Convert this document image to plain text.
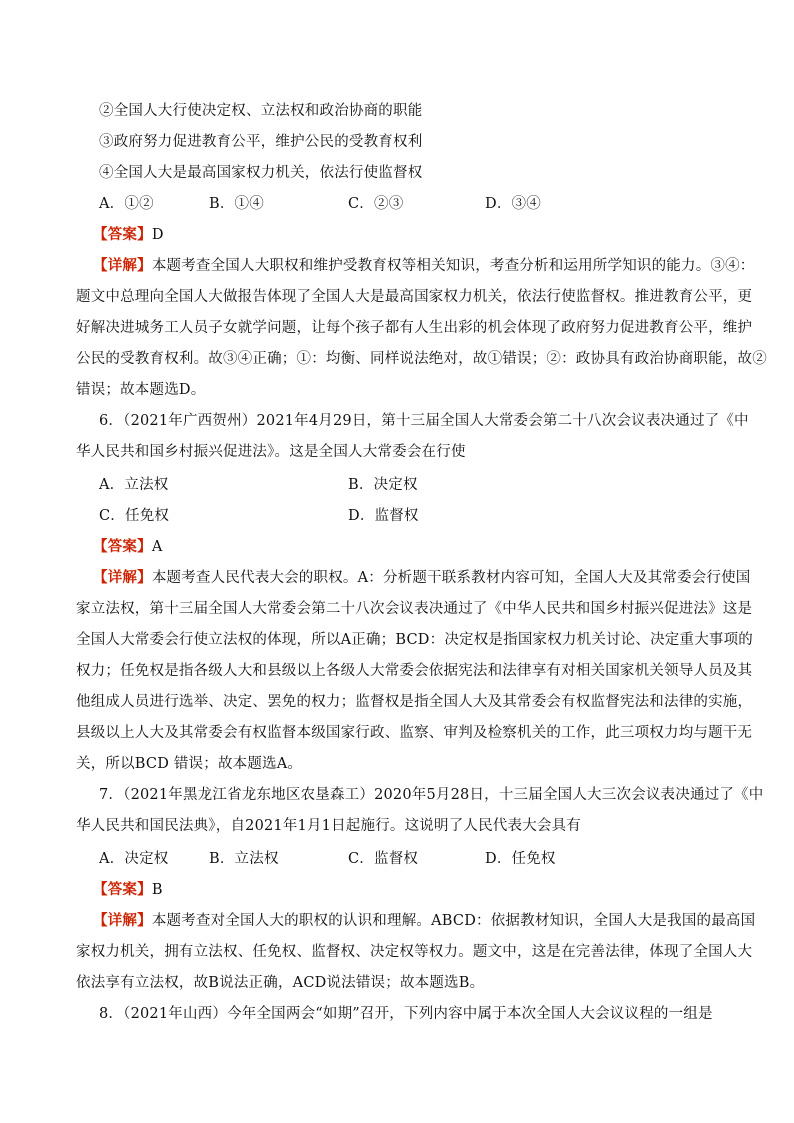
②全国人大行使决定权、立法权和政治协商的职能
③政府努力促进教育公平，维护公民的受教育权利
④全国人大是最高国家权力机关，依法行使监督权
A．①②	B．①④	C．②③	D．③④
【答案】D
【详解】本题考查全国人大职权和维护受教育权等相关知识，考查分析和运用所学知识的能力。③④：
题文中总理向全国人大做报告体现了全国人大是最高国家权力机关，依法行使监督权。推进教育公平，更
好解决进城务工人员子女就学问题，让每个孩子都有人生出彩的机会体现了政府努力促进教育公平，维护
公民的受教育权利。故③④正确；①：均衡、同样说法绝对，故①错误；②：政协具有政治协商职能，故②
错误；故本题选D。
6．（2021年广西贺州）2021年4月29日，第十三届全国人大常委会第二十八次会议表决通过了《中
华人民共和国乡村振兴促进法》。这是全国人大常委会在行使
A．立法权	B．决定权
C．任免权	D．监督权
【答案】A
【详解】本题考查人民代表大会的职权。A：分析题干联系教材内容可知，全国人大及其常委会行使国
家立法权，第十三届全国人大常委会第二十八次会议表决通过了《中华人民共和国乡村振兴促进法》这是
全国人大常委会行使立法权的体现，所以A正确；BCD：决定权是指国家权力机关讨论、决定重大事项的
权力；任免权是指各级人大和县级以上各级人大常委会依据宪法和法律享有对相关国家机关领导人员及其
他组成人员进行选举、决定、罢免的权力；监督权是指全国人大及其常委会有权监督宪法和法律的实施，
县级以上人大及其常委会有权监督本级国家行政、监察、审判及检察机关的工作，此三项权力均与题干无
关，所以BCD 错误；故本题选A。
7．（2021年黑龙江省龙东地区农垦森工）2020年5月28日，十三届全国人大三次会议表决通过了《中
华人民共和国民法典》，自2021年1月1日起施行。这说明了人民代表大会具有
A．决定权	B．立法权	C．监督权	D．任免权
【答案】B
【详解】本题考查对全国人大的职权的认识和理解。ABCD：依据教材知识，全国人大是我国的最高国
家权力机关，拥有立法权、任免权、监督权、决定权等权力。题文中，这是在完善法律，体现了全国人大
依法享有立法权，故B说法正确，ACD说法错误；故本题选B。
8．（2021年山西）今年全国两会“如期”召开，下列内容中属于本次全国人大会议议程的一组是
